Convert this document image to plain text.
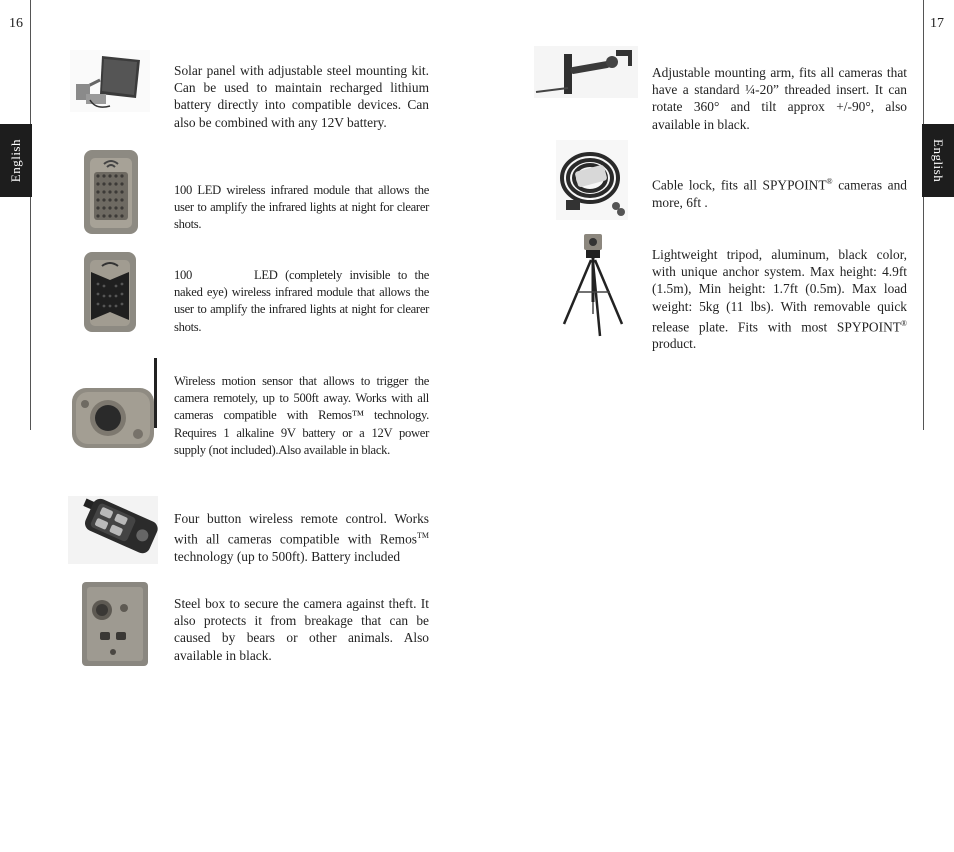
16	17
English	English
Solar panel with adjustable steel mounting kit. Can be used to maintain recharged lithium battery directly into compatible devices. Can also be combined with any 12V battery.
100 LED wireless infrared module that allows the user to amplify the infrared lights at night for clearer shots.
100	LED (completely invisible to the naked eye) wireless infrared module that allows the user to amplify the infrared lights at night for clearer shots.
Wireless motion sensor that allows to trigger the camera remotely, up to 500ft away. Works with all cameras compatible with Remos™ technology. Requires 1 alkaline 9V battery or a 12V power supply (not included).Also available in black.
Four button wireless remote control. Works with all cameras compatible with Remos™ technology (up to 500ft). Battery included
Steel box to secure the camera against theft. It also protects it from breakage that can be caused by bears or other animals. Also available in black.
Adjustable mounting arm, fits all cameras that have a standard ¼-20” threaded insert. It can rotate 360° and tilt approx +/-90°, also available in black.
Cable lock, fits all SPYPOINT® cameras and more, 6ft .
Lightweight tripod, aluminum, black color, with unique anchor system. Max height: 4.9ft (1.5m), Min height: 1.7ft (0.5m). Max load weight: 5kg (11 lbs). With removable quick release plate. Fits with most SPYPOINT® product.
